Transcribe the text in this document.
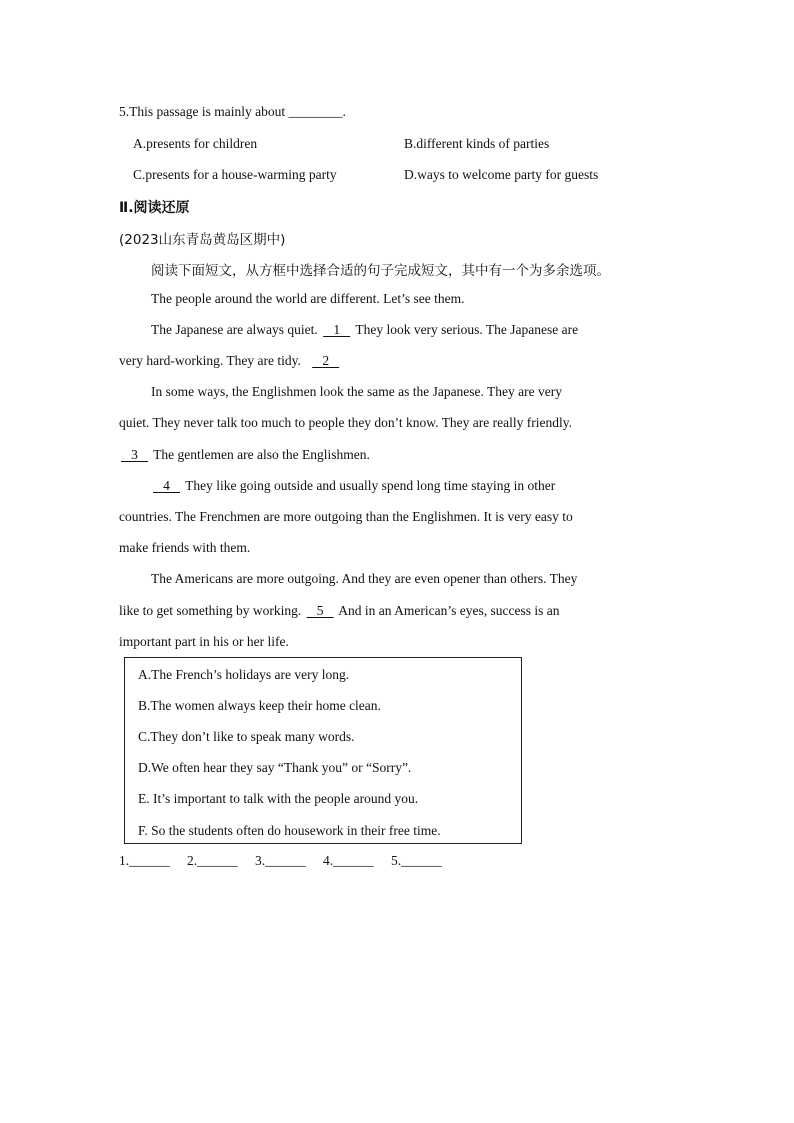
5.This passage is mainly about ________.
A.presents for children	B.different kinds of parties
C.presents for a house-warming party	D.ways to welcome party for guests
Ⅱ.阅读还原
(2023山东青岛黄岛区期中)
阅读下面短文，从方框中选择合适的句子完成短文，其中有一个为多余选项。
The people around the world are different. Let’s see them.
The Japanese are always quiet. 1 They look very serious. The Japanese are
very hard-working. They are tidy. 2
In some ways, the Englishmen look the same as the Japanese. They are very
quiet. They never talk too much to people they don’t know. They are really friendly.
3 The gentlemen are also the Englishmen.
4 They like going outside and usually spend long time staying in other
countries. The Frenchmen are more outgoing than the Englishmen. It is very easy to
make friends with them.
The Americans are more outgoing. And they are even opener than others. They
like to get something by working. 5 And in an American’s eyes, success is an
important part in his or her life.
A.The French’s holidays are very long.
B.The women always keep their home clean.
C.They don’t like to speak many words.
D.We often hear they say “Thank you” or “Sorry”.
E. It’s important to talk with the people around you.
F. So the students often do housework in their free time.
1.______ 2.______ 3.______ 4.______ 5.______
